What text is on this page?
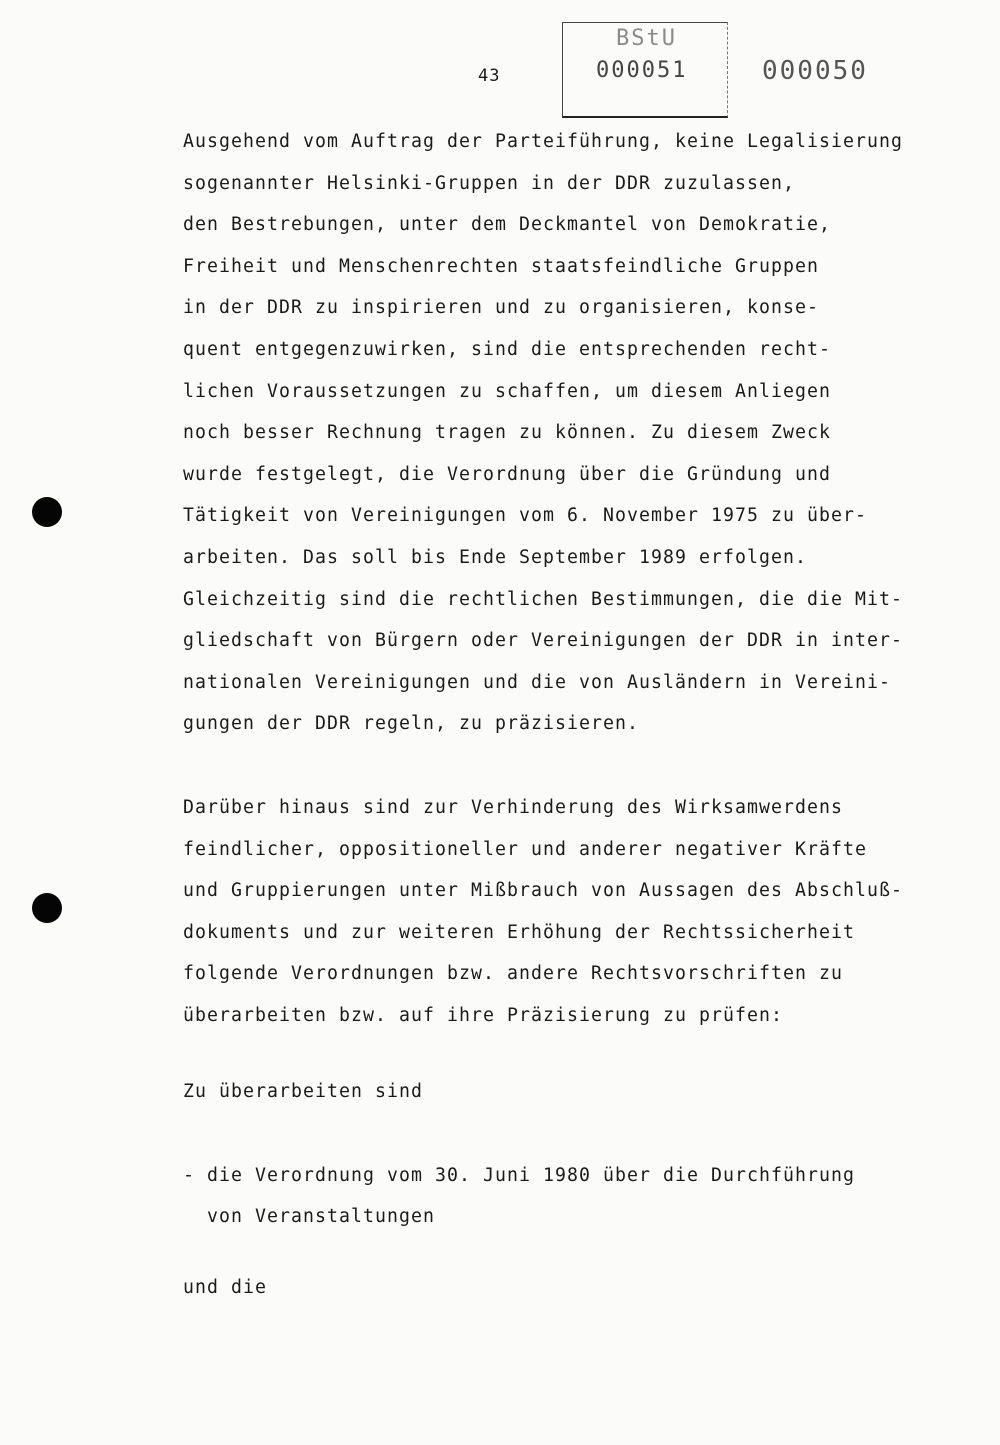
43
BStU
000051	000050
Ausgehend vom Auftrag der Parteiführung, keine Legalisierung
sogenannter Helsinki-Gruppen in der DDR zuzulassen,
den Bestrebungen, unter dem Deckmantel von Demokratie,
Freiheit und Menschenrechten staatsfeindliche Gruppen
in der DDR zu inspirieren und zu organisieren, konse-
quent entgegenzuwirken, sind die entsprechenden recht-
lichen Voraussetzungen zu schaffen, um diesem Anliegen
noch besser Rechnung tragen zu können. Zu diesem Zweck
wurde festgelegt, die Verordnung über die Gründung und
Tätigkeit von Vereinigungen vom 6. November 1975 zu über-
arbeiten. Das soll bis Ende September 1989 erfolgen.
Gleichzeitig sind die rechtlichen Bestimmungen, die die Mit-
gliedschaft von Bürgern oder Vereinigungen der DDR in inter-
nationalen Vereinigungen und die von Ausländern in Vereini-
gungen der DDR regeln, zu präzisieren.
Darüber hinaus sind zur Verhinderung des Wirksamwerdens
feindlicher, oppositioneller und anderer negativer Kräfte
und Gruppierungen unter Mißbrauch von Aussagen des Abschluß-
dokuments und zur weiteren Erhöhung der Rechtssicherheit
folgende Verordnungen bzw. andere Rechtsvorschriften zu
überarbeiten bzw. auf ihre Präzisierung zu prüfen:
Zu überarbeiten sind
- die Verordnung vom 30. Juni 1980 über die Durchführung
von Veranstaltungen
und die
